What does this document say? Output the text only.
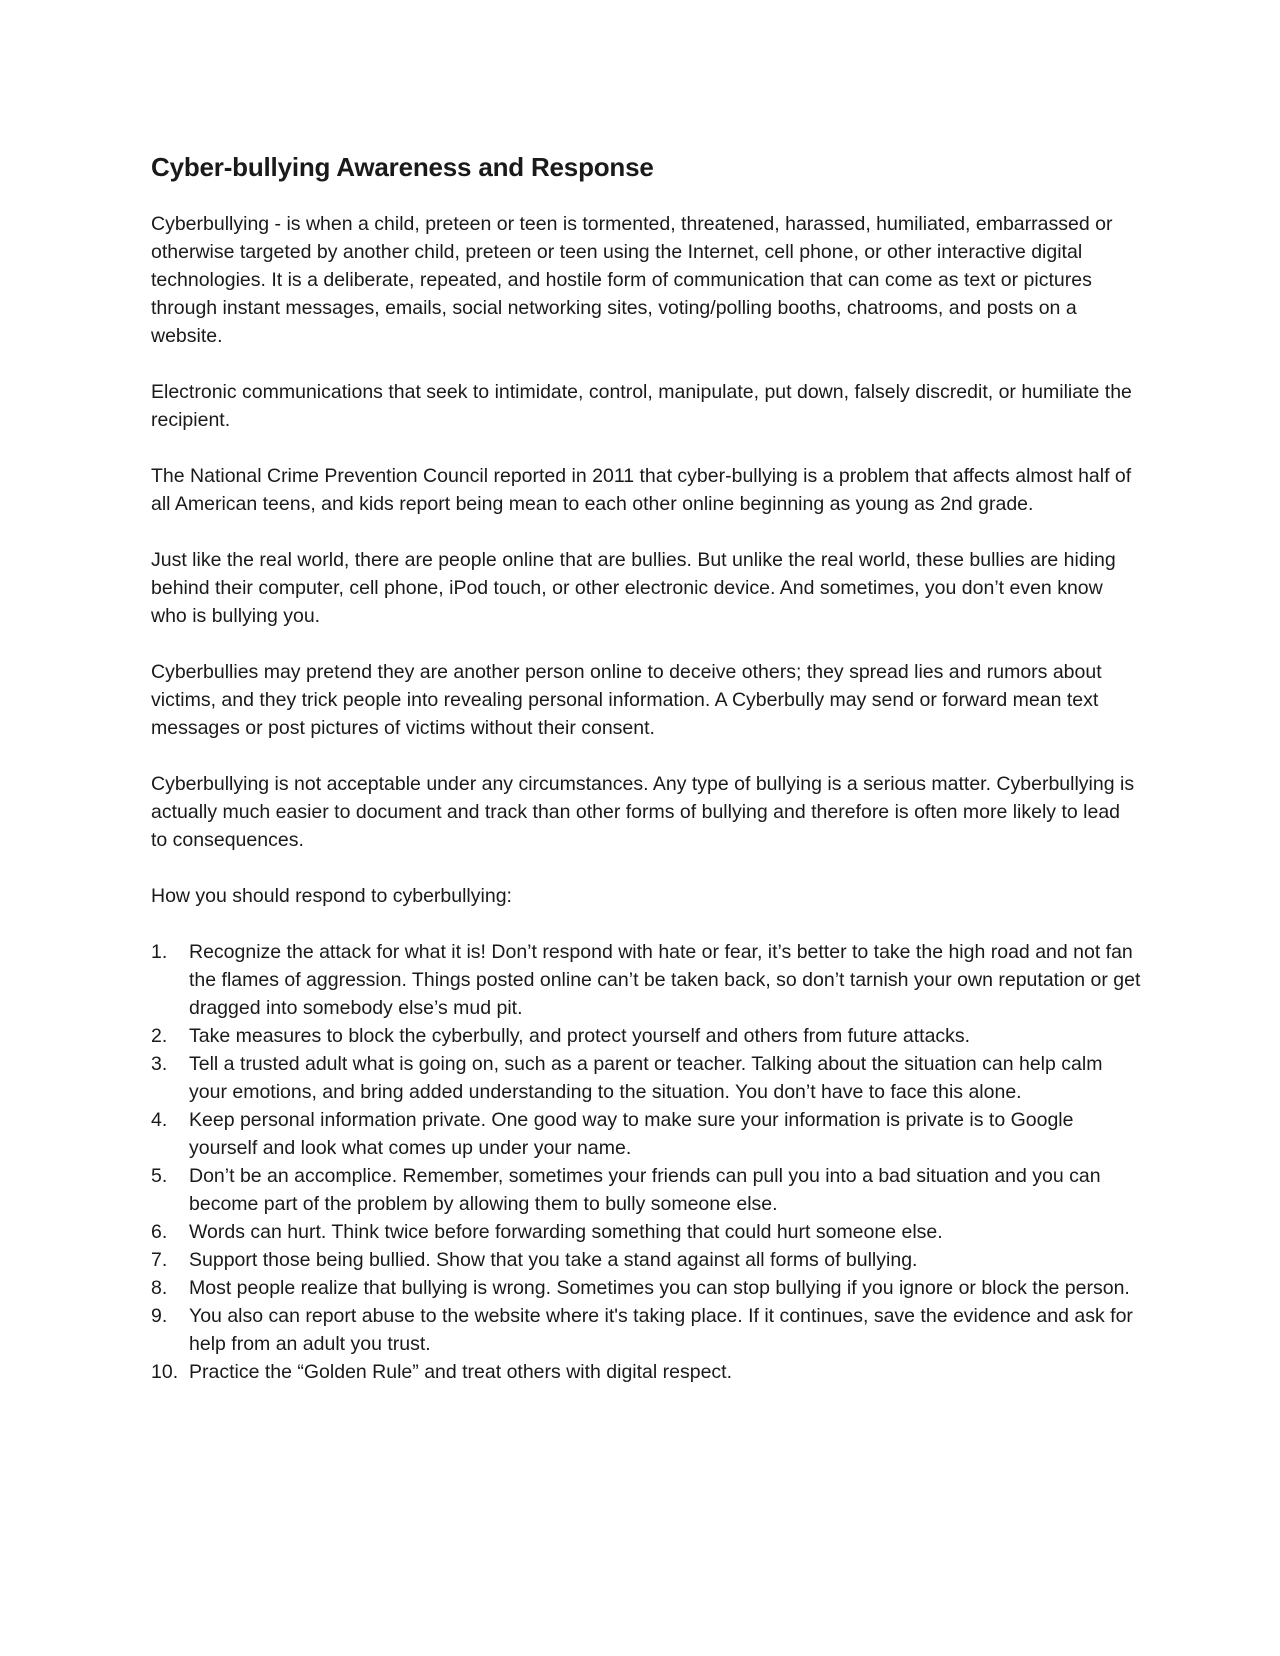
Cyber-bullying Awareness and Response

Cyberbullying - is when a child, preteen or teen is tormented, threatened, harassed, humiliated, embarrassed or otherwise targeted by another child, preteen or teen using the Internet, cell phone, or other interactive digital technologies. It is a deliberate, repeated, and hostile form of communication that can come as text or pictures through instant messages, emails, social networking sites, voting/polling booths, chatrooms, and posts on a website.

Electronic communications that seek to intimidate, control, manipulate, put down, falsely discredit, or humiliate the recipient.

The National Crime Prevention Council reported in 2011 that cyber-bullying is a problem that affects almost half of all American teens, and kids report being mean to each other online beginning as young as 2nd grade.

Just like the real world, there are people online that are bullies. But unlike the real world, these bullies are hiding behind their computer, cell phone, iPod touch, or other electronic device. And sometimes, you don’t even know who is bullying you.

Cyberbullies may pretend they are another person online to deceive others; they spread lies and rumors about victims, and they trick people into revealing personal information. A Cyberbully may send or forward mean text messages or post pictures of victims without their consent.

Cyberbullying is not acceptable under any circumstances. Any type of bullying is a serious matter. Cyberbullying is actually much easier to document and track than other forms of bullying and therefore is often more likely to lead to consequences.

How you should respond to cyberbullying:

1.	Recognize the attack for what it is! Don’t respond with hate or fear, it’s better to take the high road and not fan the flames of aggression. Things posted online can’t be taken back, so don’t tarnish your own reputation or get dragged into somebody else’s mud pit.
2.	Take measures to block the cyberbully, and protect yourself and others from future attacks.
3.	Tell a trusted adult what is going on, such as a parent or teacher. Talking about the situation can help calm your emotions, and bring added understanding to the situation. You don’t have to face this alone.
4.	Keep personal information private. One good way to make sure your information is private is to Google yourself and look what comes up under your name.
5.	Don’t be an accomplice. Remember, sometimes your friends can pull you into a bad situation and you can become part of the problem by allowing them to bully someone else.
6.	Words can hurt. Think twice before forwarding something that could hurt someone else.
7.	Support those being bullied. Show that you take a stand against all forms of bullying.
8.	Most people realize that bullying is wrong. Sometimes you can stop bullying if you ignore or block the person.
9.	You also can report abuse to the website where it's taking place. If it continues, save the evidence and ask for help from an adult you trust.
10. Practice the “Golden Rule” and treat others with digital respect.
